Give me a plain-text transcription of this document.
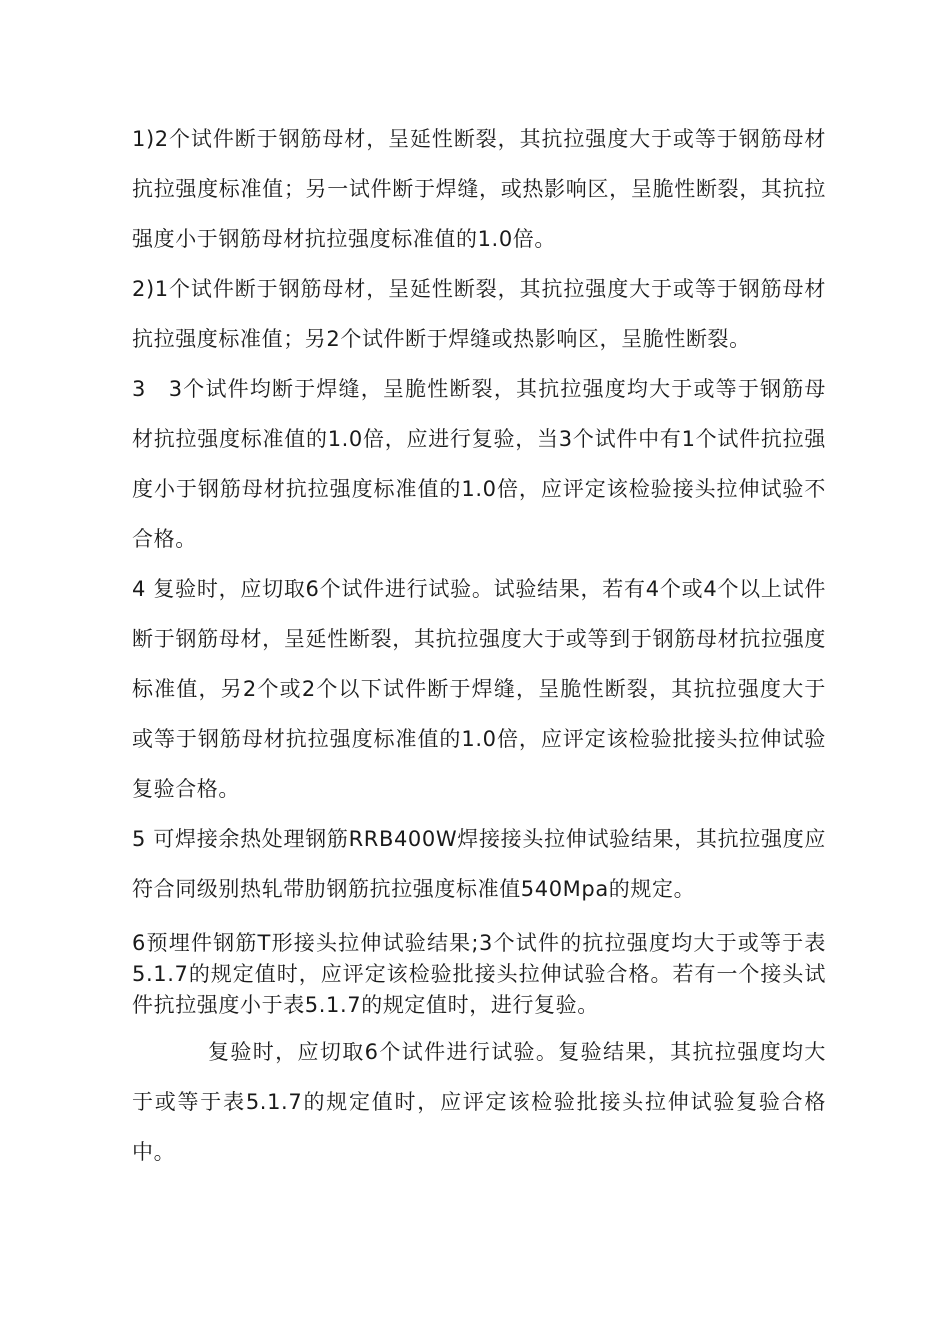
1)2个试件断于钢筋母材，呈延性断裂，其抗拉强度大于或等于钢筋母材抗拉强度标准值；另一试件断于焊缝，或热影响区，呈脆性断裂，其抗拉强度小于钢筋母材抗拉强度标准值的1.0倍。

2)1个试件断于钢筋母材，呈延性断裂，其抗拉强度大于或等于钢筋母材抗拉强度标准值；另2个试件断于焊缝或热影响区，呈脆性断裂。

3　3个试件均断于焊缝，呈脆性断裂，其抗拉强度均大于或等于钢筋母材抗拉强度标准值的1.0倍，应进行复验，当3个试件中有1个试件抗拉强度小于钢筋母材抗拉强度标准值的1.0倍，应评定该检验接头拉伸试验不合格。

4 复验时，应切取6个试件进行试验。试验结果，若有4个或4个以上试件断于钢筋母材，呈延性断裂，其抗拉强度大于或等到于钢筋母材抗拉强度标准值，另2个或2个以下试件断于焊缝，呈脆性断裂，其抗拉强度大于或等于钢筋母材抗拉强度标准值的1.0倍，应评定该检验批接头拉伸试验复验合格。

5 可焊接余热处理钢筋RRB400W焊接接头拉伸试验结果，其抗拉强度应符合同级别热轧带肋钢筋抗拉强度标准值540Mpa的规定。

6预埋件钢筋T形接头拉伸试验结果;3个试件的抗拉强度均大于或等于表5.1.7的规定值时，应评定该检验批接头拉伸试验合格。若有一个接头试件抗拉强度小于表5.1.7的规定值时，进行复验。

复验时，应切取6个试件进行试验。复验结果，其抗拉强度均大于或等于表5.1.7的规定值时，应评定该检验批接头拉伸试验复验合格中。
